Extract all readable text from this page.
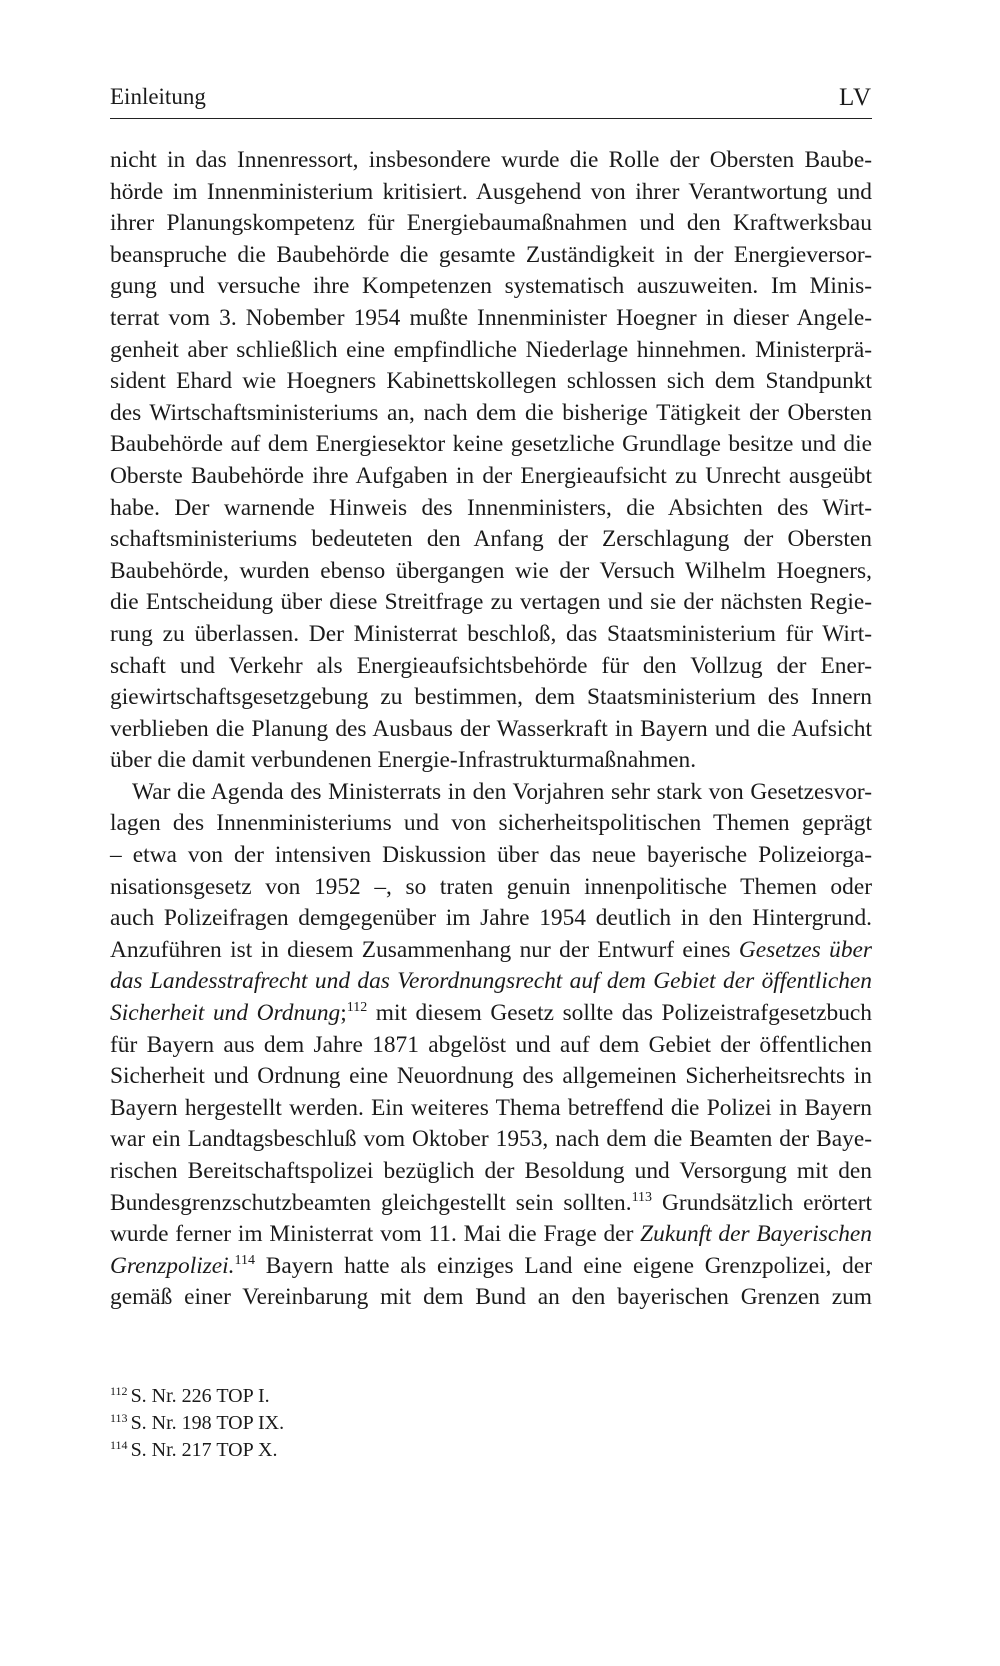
Einleitung	LV
nicht in das Innenressort, insbesondere wurde die Rolle der Obersten Baube-
hörde im Innenministerium kritisiert. Ausgehend von ihrer Verantwortung und
ihrer Planungskompetenz für Energiebaumaßnahmen und den Kraftwerksbau
beanspruche die Baubehörde die gesamte Zuständigkeit in der Energieversor-
gung und versuche ihre Kompetenzen systematisch auszuweiten. Im Minis-
terrat vom 3. Nobember 1954 mußte Innenminister Hoegner in dieser Angele-
genheit aber schließlich eine empfindliche Niederlage hinnehmen. Ministerprä-
sident Ehard wie Hoegners Kabinettskollegen schlossen sich dem Standpunkt
des Wirtschaftsministeriums an, nach dem die bisherige Tätigkeit der Obersten
Baubehörde auf dem Energiesektor keine gesetzliche Grundlage besitze und die
Oberste Baubehörde ihre Aufgaben in der Energieaufsicht zu Unrecht ausgeübt
habe. Der warnende Hinweis des Innenministers, die Absichten des Wirt-
schaftsministeriums bedeuteten den Anfang der Zerschlagung der Obersten
Baubehörde, wurden ebenso übergangen wie der Versuch Wilhelm Hoegners,
die Entscheidung über diese Streitfrage zu vertagen und sie der nächsten Regie-
rung zu überlassen. Der Ministerrat beschloß, das Staatsministerium für Wirt-
schaft und Verkehr als Energieaufsichtsbehörde für den Vollzug der Ener-
giewirtschaftsgesetzgebung zu bestimmen, dem Staatsministerium des Innern
verblieben die Planung des Ausbaus der Wasserkraft in Bayern und die Aufsicht
über die damit verbundenen Energie-Infrastrukturmaßnahmen.
War die Agenda des Ministerrats in den Vorjahren sehr stark von Gesetzesvor-
lagen des Innenministeriums und von sicherheitspolitischen Themen geprägt
– etwa von der intensiven Diskussion über das neue bayerische Polizeiorga-
nisationsgesetz von 1952 –, so traten genuin innenpolitische Themen oder
auch Polizeifragen demgegenüber im Jahre 1954 deutlich in den Hintergrund.
Anzuführen ist in diesem Zusammenhang nur der Entwurf eines Gesetzes über
das Landesstrafrecht und das Verordnungsrecht auf dem Gebiet der öffentlichen
Sicherheit und Ordnung;$^{112}$ mit diesem Gesetz sollte das Polizeistrafgesetzbuch
für Bayern aus dem Jahre 1871 abgelöst und auf dem Gebiet der öffentlichen
Sicherheit und Ordnung eine Neuordnung des allgemeinen Sicherheitsrechts in
Bayern hergestellt werden. Ein weiteres Thema betreffend die Polizei in Bayern
war ein Landtagsbeschluß vom Oktober 1953, nach dem die Beamten der Baye-
rischen Bereitschaftspolizei bezüglich der Besoldung und Versorgung mit den
Bundesgrenzschutzbeamten gleichgestellt sein sollten.$^{113}$ Grundsätzlich erörtert
wurde ferner im Ministerrat vom 11. Mai die Frage der Zukunft der Bayerischen
Grenzpolizei.$^{114}$ Bayern hatte als einziges Land eine eigene Grenzpolizei, der
gemäß einer Vereinbarung mit dem Bund an den bayerischen Grenzen zum
$^{112}$ S. Nr. 226 TOP I.
$^{113}$ S. Nr. 198 TOP IX.
$^{114}$ S. Nr. 217 TOP X.
